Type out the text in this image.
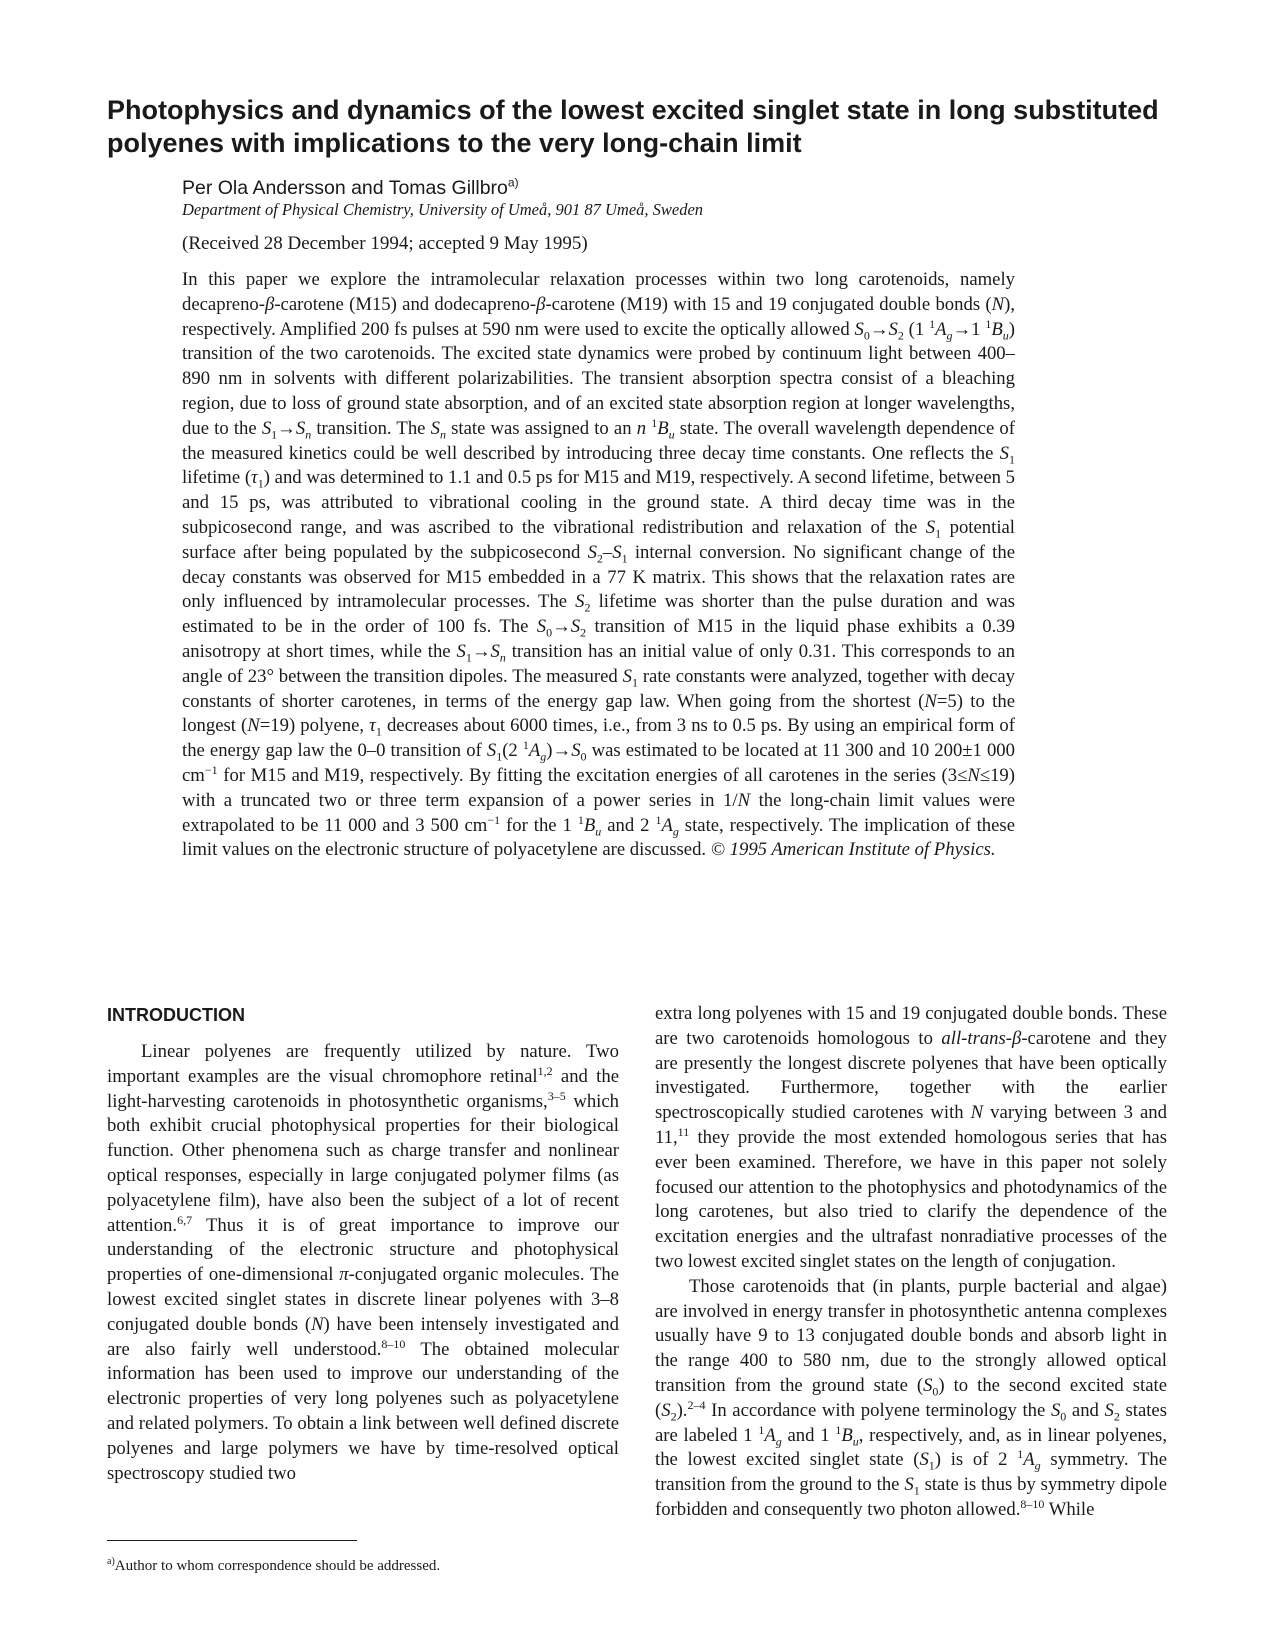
Photophysics and dynamics of the lowest excited singlet state in long substituted polyenes with implications to the very long-chain limit
Per Ola Andersson and Tomas Gillbro$^{a)}$
Department of Physical Chemistry, University of Umeå, 901 87 Umeå, Sweden
(Received 28 December 1994; accepted 9 May 1995)

In this paper we explore the intramolecular relaxation processes within two long carotenoids, namely decapreno-β-carotene (M15) and dodecapreno-β-carotene (M19) with 15 and 19 conjugated double bonds (N), respectively. Amplified 200 fs pulses at 590 nm were used to excite the optically allowed $S_0\to S_2$ (1 $^1A_g\to 1$ $^1B_u$) transition of the two carotenoids. The excited state dynamics were probed by continuum light between 400–890 nm in solvents with different polarizabilities. The transient absorption spectra consist of a bleaching region, due to loss of ground state absorption, and of an excited state absorption region at longer wavelengths, due to the $S_1\to S_n$ transition. The $S_n$ state was assigned to an n $^1B_u$ state. The overall wavelength dependence of the measured kinetics could be well described by introducing three decay time constants. One reflects the $S_1$ lifetime $(\tau_1)$ and was determined to 1.1 and 0.5 ps for M15 and M19, respectively. A second lifetime, between 5 and 15 ps, was attributed to vibrational cooling in the ground state. A third decay time was in the subpicosecond range, and was ascribed to the vibrational redistribution and relaxation of the $S_1$ potential surface after being populated by the subpicosecond $S_2-S_1$ internal conversion. No significant change of the decay constants was observed for M15 embedded in a 77 K matrix. This shows that the relaxation rates are only influenced by intramolecular processes. The $S_2$ lifetime was shorter than the pulse duration and was estimated to be in the order of 100 fs. The $S_0\to S_2$ transition of M15 in the liquid phase exhibits a 0.39 anisotropy at short times, while the $S_1\to S_n$ transition has an initial value of only 0.31. This corresponds to an angle of 23° between the transition dipoles. The measured $S_1$ rate constants were analyzed, together with decay constants of shorter carotenes, in terms of the energy gap law. When going from the shortest (N=5) to the longest (N=19) polyene, $\tau_1$ decreases about 6000 times, i.e., from 3 ns to 0.5 ps. By using an empirical form of the energy gap law the 0–0 transition of $S_1(2$ $^1A_g)\to S_0$ was estimated to be located at 11 300 and 10 200±1 000 $cm^{-1}$ for M15 and M19, respectively. By fitting the excitation energies of all carotenes in the series (3≤N≤19) with a truncated two or three term expansion of a power series in 1/N the long-chain limit values were extrapolated to be 11 000 and 3 500 $cm^{-1}$ for the 1 $^1B_u$ and 2 $^1A_g$ state, respectively. The implication of these limit values on the electronic structure of polyacetylene are discussed. © 1995 American Institute of Physics.

INTRODUCTION

Linear polyenes are frequently utilized by nature. Two important examples are the visual chromophore retinal$^{1,2}$ and the light-harvesting carotenoids in photosynthetic organisms,$^{3-5}$ which both exhibit crucial photophysical properties for their biological function. Other phenomena such as charge transfer and nonlinear optical responses, especially in large conjugated polymer films (as polyacetylene film), have also been the subject of a lot of recent attention.$^{6,7}$ Thus it is of great importance to improve our understanding of the electronic structure and photophysical properties of one-dimensional π-conjugated organic molecules. The lowest excited singlet states in discrete linear polyenes with 3–8 conjugated double bonds (N) have been intensely investigated and are also fairly well understood.$^{8-10}$ The obtained molecular information has been used to improve our understanding of the electronic properties of very long polyenes such as polyacetylene and related polymers. To obtain a link between well defined discrete polyenes and large polymers we have by time-resolved optical spectroscopy studied two

extra long polyenes with 15 and 19 conjugated double bonds. These are two carotenoids homologous to all-trans-β-carotene and they are presently the longest discrete polyenes that have been optically investigated. Furthermore, together with the earlier spectroscopically studied carotenes with N varying between 3 and 11,11 they provide the most extended homologous series that has ever been examined. Therefore, we have in this paper not solely focused our attention to the photophysics and photodynamics of the long carotenes, but also tried to clarify the dependence of the excitation energies and the ultrafast nonradiative processes of the two lowest excited singlet states on the length of conjugation.

Those carotenoids that (in plants, purple bacterial and algae) are involved in energy transfer in photosynthetic antenna complexes usually have 9 to 13 conjugated double bonds and absorb light in the range 400 to 580 nm, due to the strongly allowed optical transition from the ground state $(S_0)$ to the second excited state $(S_2).^{2-4}$ In accordance with polyene terminology the $S_0$ and $S_2$ states are labeled 1 $^1A_g$ and 1 $^1B_u$, respectively, and, as in linear polyenes, the lowest excited singlet state $(S_1)$ is of 2 $^1A_g$ symmetry. The transition from the ground to the $S_1$ state is thus by symmetry dipole forbidden and consequently two photon allowed.$^{8-10}$ While

$^{a)}$Author to whom correspondence should be addressed.
